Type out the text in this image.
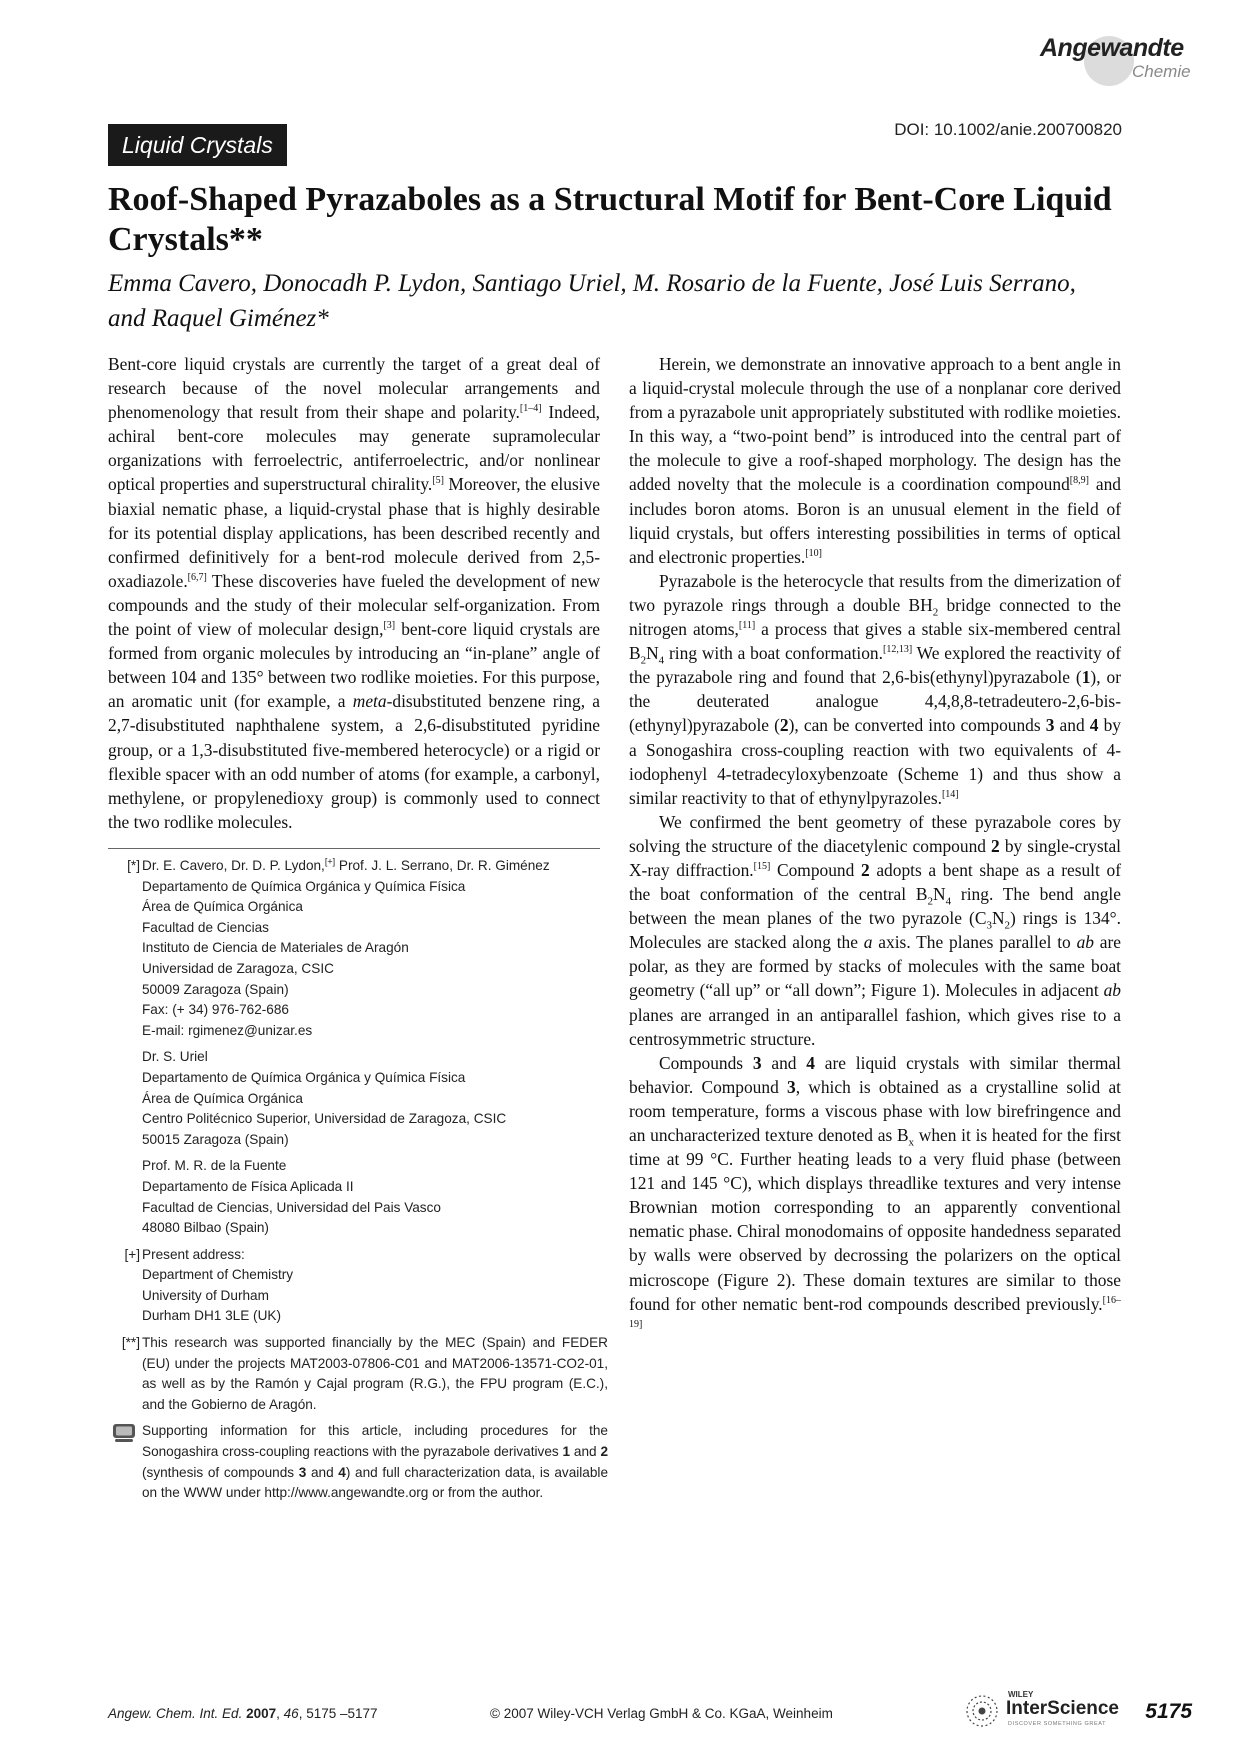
Angewandte
Chemie
Liquid Crystals
DOI: 10.1002/anie.200700820
Roof-Shaped Pyrazaboles as a Structural Motif for Bent-Core Liquid Crystals**
Emma Cavero, Donocadh P. Lydon, Santiago Uriel, M. Rosario de la Fuente, José Luis Serrano,
and Raquel Giménez*

Bent-core liquid crystals are currently the target of a great deal of research because of the novel molecular arrangements and phenomenology that result from their shape and polarity.[1–4] Indeed, achiral bent-core molecules may generate supramolecular organizations with ferroelectric, antiferroelectric, and/or nonlinear optical properties and superstructural chirality.[5] Moreover, the elusive biaxial nematic phase, a liquid-crystal phase that is highly desirable for its potential display applications, has been described recently and confirmed definitively for a bent-rod molecule derived from 2,5-oxadiazole.[6,7] These discoveries have fueled the development of new compounds and the study of their molecular self-organization. From the point of view of molecular design,[3] bent-core liquid crystals are formed from organic molecules by introducing an “in-plane” angle of between 104 and 135° between two rodlike moieties. For this purpose, an aromatic unit (for example, a meta-disubstituted benzene ring, a 2,7-disubstituted naphthalene system, a 2,6-disubstituted pyridine group, or a 1,3-disubstituted five-membered heterocycle) or a rigid or flexible spacer with an odd number of atoms (for example, a carbonyl, methylene, or propylenedioxy group) is commonly used to connect the two rodlike molecules.

Herein, we demonstrate an innovative approach to a bent angle in a liquid-crystal molecule through the use of a nonplanar core derived from a pyrazabole unit appropriately substituted with rodlike moieties. In this way, a “two-point bend” is introduced into the central part of the molecule to give a roof-shaped morphology. The design has the added novelty that the molecule is a coordination compound[8,9] and includes boron atoms. Boron is an unusual element in the field of liquid crystals, but offers interesting possibilities in terms of optical and electronic properties.[10]

Pyrazabole is the heterocycle that results from the dimerization of two pyrazole rings through a double $BH_2$ bridge connected to the nitrogen atoms,[11] a process that gives a stable six-membered central $B_2N_4$ ring with a boat conformation.[12,13] We explored the reactivity of the pyrazabole ring and found that 2,6-bis(ethynyl)pyrazabole (1), or the deuterated analogue 4,4,8,8-tetradeutero-2,6-bis-(ethynyl)pyrazabole (2), can be converted into compounds 3 and 4 by a Sonogashira cross-coupling reaction with two equivalents of 4-iodophenyl 4-tetradecyloxybenzoate (Scheme 1) and thus show a similar reactivity to that of ethynylpyrazoles.[14]

We confirmed the bent geometry of these pyrazabole cores by solving the structure of the diacetylenic compound 2 by single-crystal X-ray diffraction.[15] Compound 2 adopts a bent shape as a result of the boat conformation of the central $B_2N_4$ ring. The bend angle between the mean planes of the two pyrazole $(C_3N_2)$ rings is 134°. Molecules are stacked along the a axis. The planes parallel to ab are polar, as they are formed by stacks of molecules with the same boat geometry (“all up” or “all down”; Figure 1). Molecules in adjacent ab planes are arranged in an antiparallel fashion, which gives rise to a centrosymmetric structure.

Compounds 3 and 4 are liquid crystals with similar thermal behavior. Compound 3, which is obtained as a crystalline solid at room temperature, forms a viscous phase with low birefringence and an uncharacterized texture denoted as $B_x$ when it is heated for the first time at 99 °C. Further heating leads to a very fluid phase (between 121 and 145 °C), which displays threadlike textures and very intense Brownian motion corresponding to an apparently conventional nematic phase. Chiral monodomains of opposite handedness separated by walls were observed by decrossing the polarizers on the optical microscope (Figure 2). These domain textures are similar to those found for other nematic bent-rod compounds described previously.[16–19]

[*] Dr. E. Cavero, Dr. D. P. Lydon,[+] Prof. J. L. Serrano, Dr. R. Giménez
Departamento de Química Orgánica y Química Física
Área de Química Orgánica
Facultad de Ciencias
Instituto de Ciencia de Materiales de Aragón
Universidad de Zaragoza, CSIC
50009 Zaragoza (Spain)
Fax: (+ 34) 976-762-686
E-mail: rgimenez@unizar.es
Dr. S. Uriel
Departamento de Química Orgánica y Química Física
Área de Química Orgánica
Centro Politécnico Superior, Universidad de Zaragoza, CSIC
50015 Zaragoza (Spain)
Prof. M. R. de la Fuente
Departamento de Física Aplicada II
Facultad de Ciencias, Universidad del Pais Vasco
48080 Bilbao (Spain)
[+] Present address:
Department of Chemistry
University of Durham
Durham DH1 3LE (UK)
[**] This research was supported financially by the MEC (Spain) and FEDER (EU) under the projects MAT2003-07806-C01 and MAT2006-13571-CO2-01, as well as by the Ramón y Cajal program (R.G.), the FPU program (E.C.), and the Gobierno de Aragón.
Supporting information for this article, including procedures for the Sonogashira cross-coupling reactions with the pyrazabole derivatives 1 and 2 (synthesis of compounds 3 and 4) and full characterization data, is available on the WWW under http://www.angewandte.org or from the author.
Angew. Chem. Int. Ed. 2007, 46, 5175 –5177	© 2007 Wiley-VCH Verlag GmbH & Co. KGaA, Weinheim
WILEY
InterScience
DISCOVER SOMETHING GREAT
5175
